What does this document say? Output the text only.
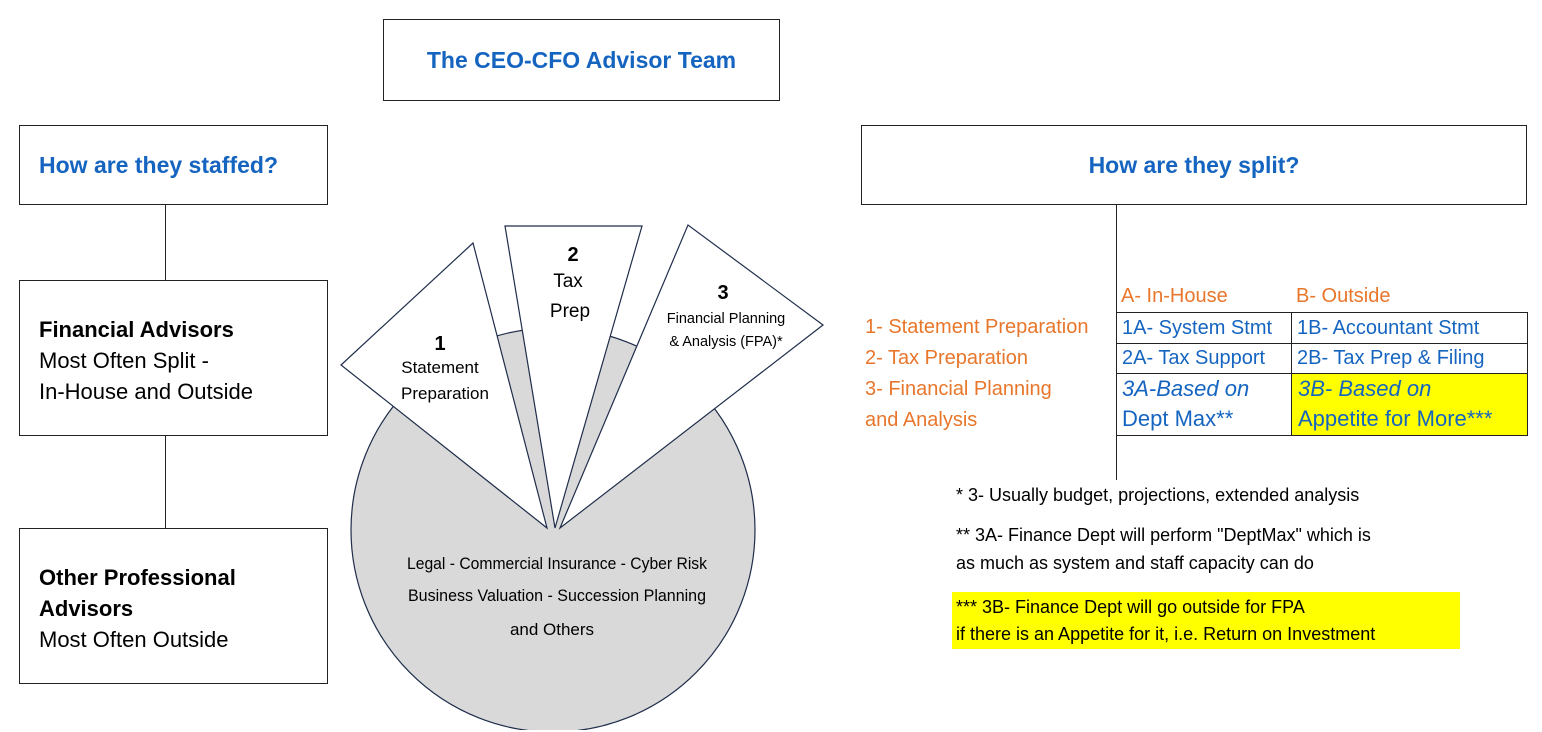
The CEO-CFO Advisor Team
How are they staffed?
Financial Advisors
Most Often Split -
In-House and Outside
Other Professional
Advisors
Most Often Outside
1
Statement
Preparation
2
Tax
Prep
3
Financial Planning
& Analysis (FPA)*
Legal - Commercial Insurance - Cyber Risk
Business Valuation - Succession Planning
and Others
How are they split?
A- In-House	B- Outside
1- Statement Preparation
2- Tax Preparation
3- Financial Planning
and Analysis
1A- System Stmt	1B- Accountant Stmt
2A- Tax Support	2B- Tax Prep & Filing
3A-Based on
Dept Max**
3B- Based on
Appetite for More***
* 3- Usually budget, projections, extended analysis
** 3A- Finance Dept will perform "DeptMax" which is
as much as system and staff capacity can do
*** 3B- Finance Dept will go outside for FPA
if there is an Appetite for it, i.e. Return on Investment
